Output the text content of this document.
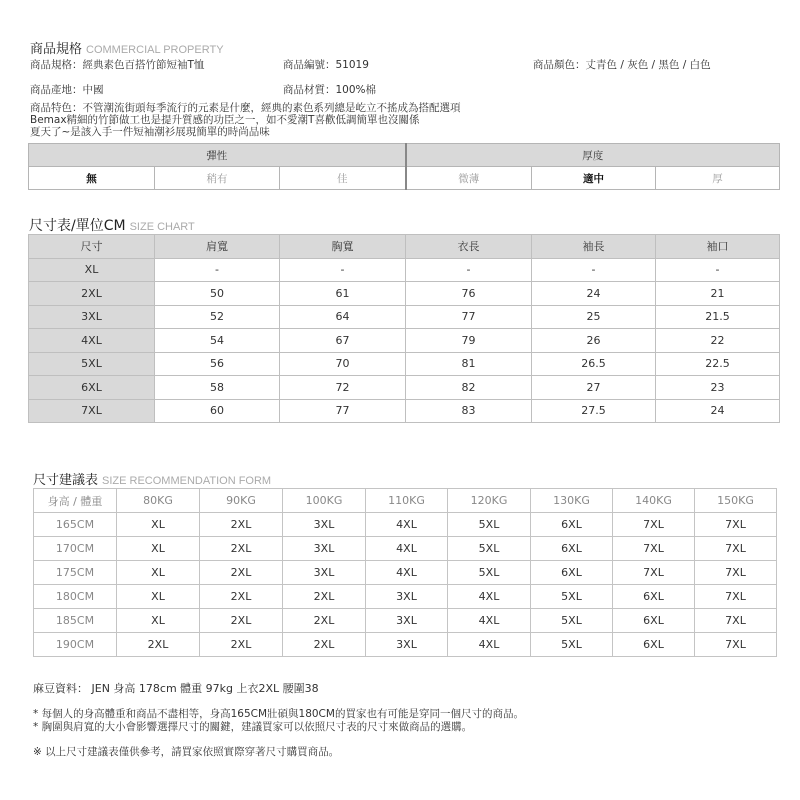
商品規格 COMMERCIAL PROPERTY
商品規格：經典素色百搭竹節短袖T恤	商品編號：51019	商品顏色：丈青色 / 灰色 / 黑色 / 白色
商品產地：中國	商品材質：100%棉
商品特色：不管潮流街頭每季流行的元素是什麼，經典的素色系列總是屹立不搖成為搭配選項
Bemax精細的竹節做工也是提升質感的功臣之一，如不愛潮T喜歡低調簡單也沒關係
夏天了~是該入手一件短袖潮衫展現簡單的時尚品味
彈性			厚度		
無	稍有	佳	微薄	適中	厚
尺寸表/單位CM SIZE CHART
尺寸	肩寬	胸寬	衣長	袖長	袖口
XL	-	-	-	-	-
2XL	50	61	76	24	21
3XL	52	64	77	25	21.5
4XL	54	67	79	26	22
5XL	56	70	81	26.5	22.5
6XL	58	72	82	27	23
7XL	60	77	83	27.5	24
尺寸建議表 SIZE RECOMMENDATION FORM
身高 / 體重	80KG	90KG	100KG	110KG	120KG	130KG	140KG	150KG
165CM	XL	2XL	3XL	4XL	5XL	6XL	7XL	7XL
170CM	XL	2XL	3XL	4XL	5XL	6XL	7XL	7XL
175CM	XL	2XL	3XL	4XL	5XL	6XL	7XL	7XL
180CM	XL	2XL	2XL	3XL	4XL	5XL	6XL	7XL
185CM	XL	2XL	2XL	3XL	4XL	5XL	6XL	7XL
190CM	2XL	2XL	2XL	3XL	4XL	5XL	6XL	7XL
麻豆資料： JEN 身高 178cm 體重 97kg 上衣2XL 腰圍38
* 每個人的身高體重和商品不盡相等，身高165CM壯碩與180CM的買家也有可能是穿同一個尺寸的商品。
* 胸圍與肩寬的大小會影響選擇尺寸的關鍵，建議買家可以依照尺寸表的尺寸來做商品的選購。
※ 以上尺寸建議表僅供參考，請買家依照實際穿著尺寸購買商品。
